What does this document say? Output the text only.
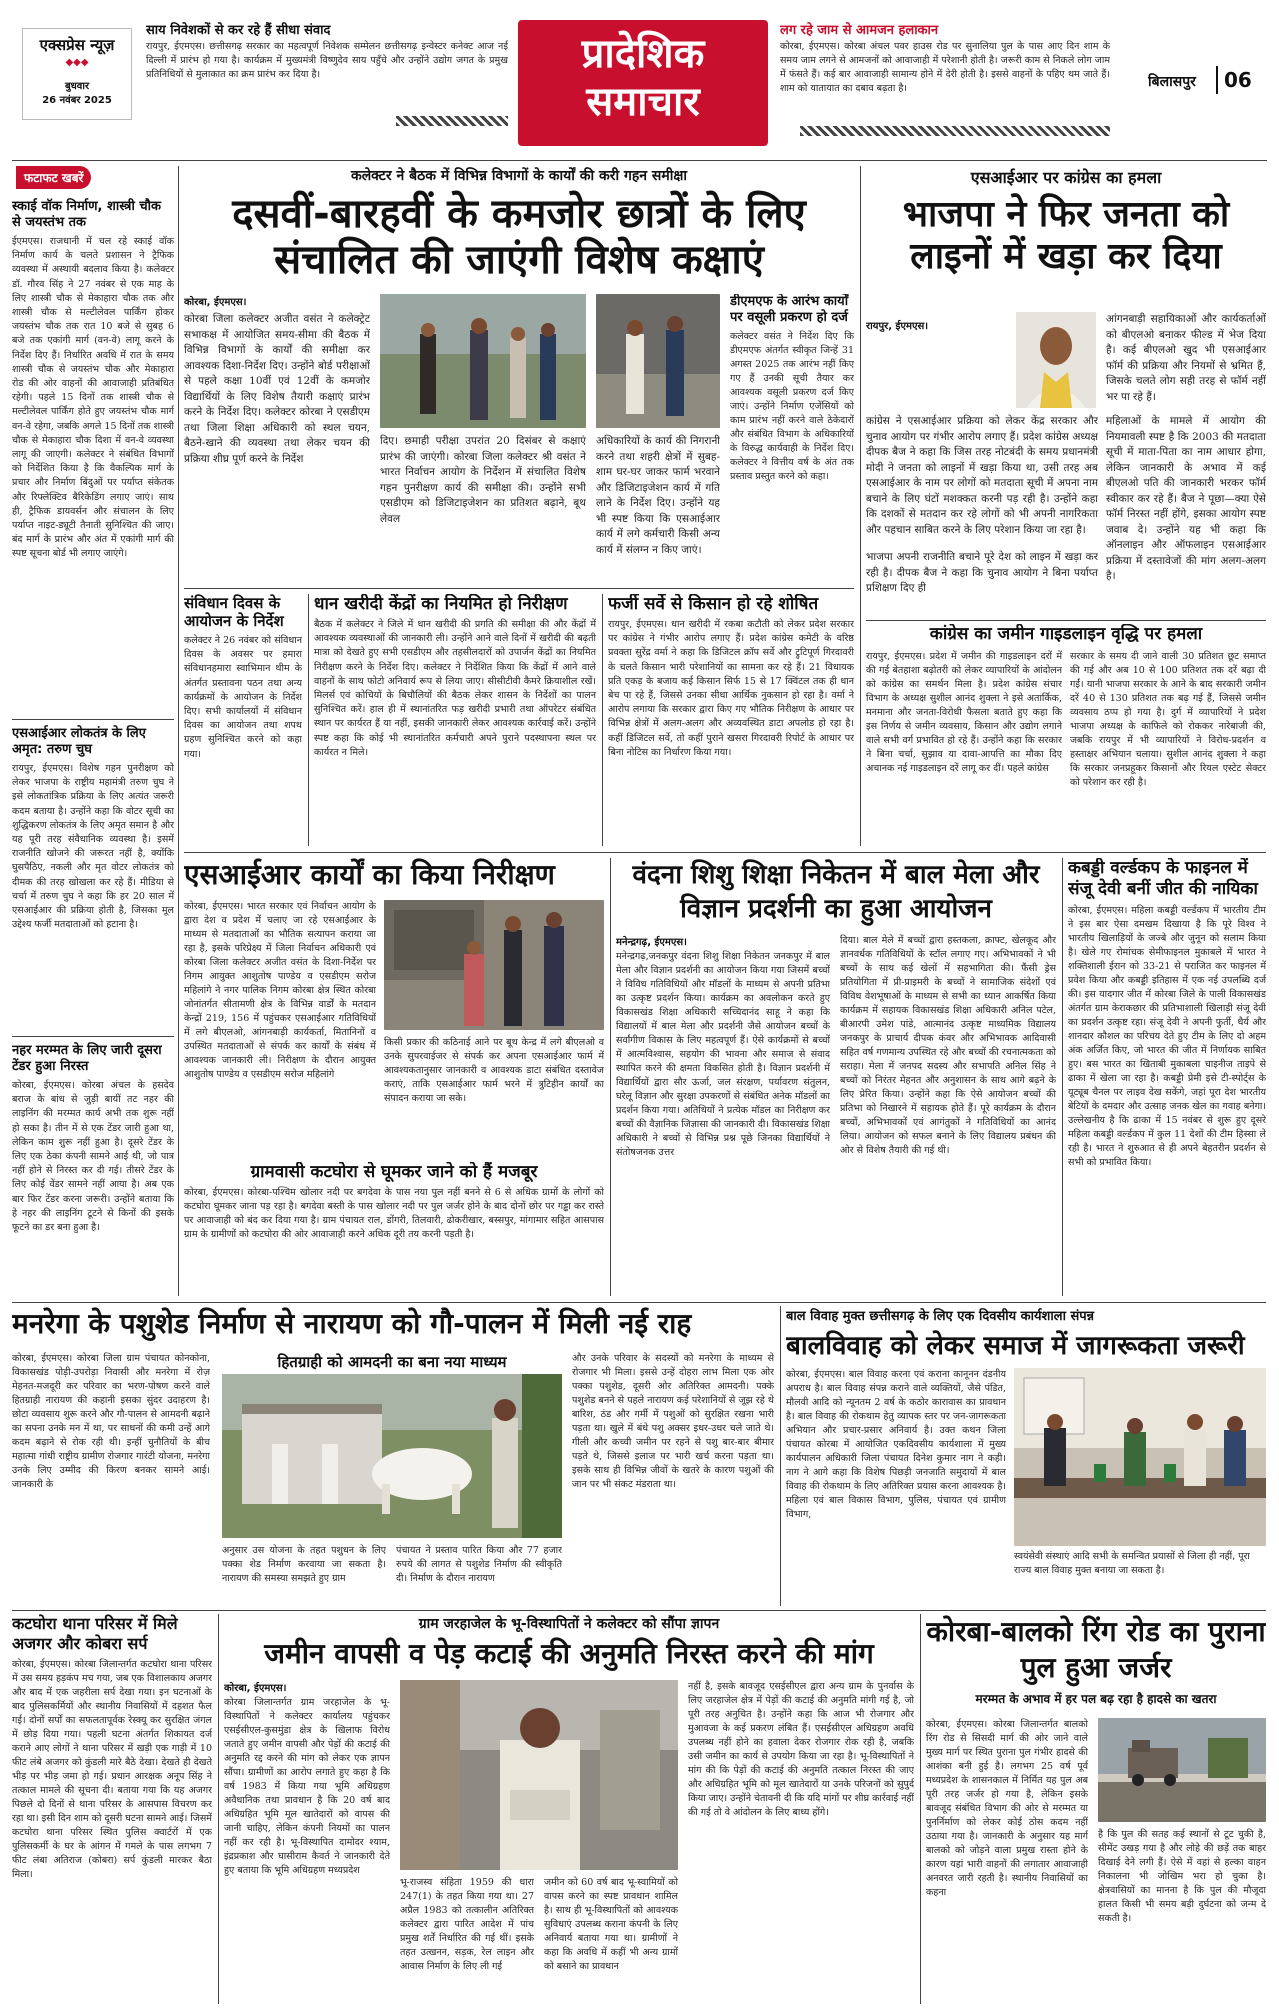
एक्सप्रेस न्यूज़
◆◆◆
बुधवार
26 नवंबर 2025
साय निवेशकों से कर रहे हैं सीधा संवाद
रायपुर, ईएमएस। छत्तीसगढ़ सरकार का महत्वपूर्ण निवेशक सम्मेलन छत्तीसगढ़ इन्वेस्टर कनेक्ट आज नई दिल्ली में प्रारंभ हो गया है। कार्यक्रम में मुख्यमंत्री विष्णुदेव साय पहुँचे और उन्होंने उद्योग जगत के प्रमुख प्रतिनिधियों से मुलाकात का क्रम प्रारंभ कर दिया है।	प्रादेशिक समाचार
लग रहे जाम से आमजन हलाकान
कोरबा, ईएमएस। कोरबा अंचल पवर हाउस रोड पर सुनालिया पुल के पास आए दिन शाम के समय जाम लगने से आमजनों को आवाजाही में परेशानी होती है। जरूरी काम से निकले लोग जाम में फंसते हैं। कई बार आवाजाही सामान्य होने में देरी होती है। इससे वाहनों के पहिए थम जाते हैं। शाम को यातायात का दबाव बढ़ता है।	बिलासपुर	06
फटाफट खबरें
स्काई वॉक निर्माण, शास्त्री चौक से जयस्तंभ तक
ईएमएस। राजधानी में चल रहे स्काई वॉक निर्माण कार्य के चलते प्रशासन ने ट्रैफिक व्यवस्था में अस्थायी बदलाव किया है। कलेक्टर डॉ. गौरव सिंह ने 27 नवंबर से एक माह के लिए शास्त्री चौक से मेकाहारा चौक तक और शास्त्री चौक से मल्टीलेवल पार्किंग होकर जयस्तंभ चौक तक रात 10 बजे से सुबह 6 बजे तक एकांगी मार्ग (वन-वे) लागू करने के निर्देश दिए हैं। निर्धारित अवधि में रात के समय शास्त्री चौक से जयस्तंभ चौक और मेकाहारा रोड की ओर वाहनों की आवाजाही प्रतिबंधित रहेगी। पहले 15 दिनों तक शास्त्री चौक से मल्टीलेवल पार्किंग होते हुए जयस्तंभ चौक मार्ग वन-वे रहेगा, जबकि अगले 15 दिनों तक शास्त्री चौक से मेकाहारा चौक दिशा में वन-वे व्यवस्था लागू की जाएगी। कलेक्टर ने संबंधित विभागों को निर्देशित किया है कि वैकल्पिक मार्ग के प्रचार और निर्माण बिंदुओं पर पर्याप्त संकेतक और रिफ्लेक्टिव बैरिकेडिंग लगाए जाएं। साथ ही, ट्रैफिक डायवर्सन और संचालन के लिए पर्याप्त नाइट-ड्यूटी तैनाती सुनिश्चित की जाए। बंद मार्ग के प्रारंभ और अंत में एकांगी मार्ग की स्पष्ट सूचना बोर्ड भी लगाए जाएंगे।
एसआईआर लोकतंत्र के लिए अमृत: तरुण चुघ
रायपुर, ईएमएस। विशेष गहन पुनरीक्षण को लेकर भाजपा के राष्ट्रीय महामंत्री तरुण चुघ ने इसे लोकतांत्रिक प्रक्रिया के लिए अत्यंत जरूरी कदम बताया है। उन्होंने कहा कि वोटर सूची का शुद्धिकरण लोकतंत्र के लिए अमृत समान है और यह पूरी तरह संवैधानिक व्यवस्था है। इसमें राजनीति खोजने की जरूरत नहीं है, क्योंकि घुसपैठिए, नकली और मृत वोटर लोकतंत्र को दीमक की तरह खोखला कर रहे हैं। मीडिया से चर्चा में तरुण चुघ ने कहा कि हर 20 साल में एसआईआर की प्रक्रिया होती है, जिसका मूल उद्देश्य फर्जी मतदाताओं को हटाना है।
नहर मरम्मत के लिए जारी दूसरा टेंडर हुआ निरस्त
कोरबा, ईएमएस। कोरबा अंचल के हसदेव बराज के बांध से जुड़ी बायीं तट नहर की लाइनिंग की मरम्मत कार्य अभी तक शुरू नहीं हो सका है। तीन में से एक टेंडर जारी हुआ था, लेकिन काम शुरू नहीं हुआ है। दूसरे टेंडर के लिए एक ठेका कंपनी सामने आई थी, जो पात्र नहीं होने से निरस्त कर दी गई। तीसरे टेंडर के लिए कोई वेंडर सामने नहीं आया है। अब एक बार फिर टेंडर करना जरूरी। उन्होंने बताया कि हे नहर की लाइनिंग टूटने से किनों की इसके फूटने का डर बना हुआ है।
कलेक्टर ने बैठक में विभिन्न विभागों के कार्यों की करी गहन समीक्षा
दसवीं-बारहवीं के कमजोर छात्रों के लिए संचालित की जाएंगी विशेष कक्षाएं
कोरबा, ईएमएस।
कोरबा जिला कलेक्टर अजीत वसंत ने कलेक्ट्रेट सभाकक्ष में आयोजित समय-सीमा की बैठक में विभिन्न विभागों के कार्यों की समीक्षा कर आवश्यक दिशा-निर्देश दिए। उन्होंने बोर्ड परीक्षाओं से पहले कक्षा 10वीं एवं 12वीं के कमजोर विद्यार्थियों के लिए विशेष तैयारी कक्षाएं प्रारंभ करने के निर्देश दिए। कलेक्टर कोरबा ने एसडीएम तथा जिला शिक्षा अधिकारी को स्थल चयन, बैठने-खाने की व्यवस्था तथा लेकर चयन की प्रक्रिया शीघ्र पूर्ण करने के निर्देश
दिए। छमाही परीक्षा उपरांत 20 दिसंबर से कक्षाएं प्रारंभ की जाएंगी। कोरबा जिला कलेक्टर श्री वसंत ने भारत निर्वाचन आयोग के निर्देशन में संचालित विशेष गहन पुनरीक्षण कार्य की समीक्षा की। उन्होंने सभी एसडीएम को डिजिटाइजेशन का प्रतिशत बढ़ाने, बूथ लेवल
अधिकारियों के कार्य की निगरानी करने तथा शहरी क्षेत्रों में सुबह-शाम घर-घर जाकर फार्म भरवाने और डिजिटाइजेशन कार्य में गति लाने के निर्देश दिए। उन्होंने यह भी स्पष्ट किया कि एसआईआर कार्य में लगे कर्मचारी किसी अन्य कार्य में संलग्न न किए जाएं।
डीएमएफ के आरंभ कार्यों पर वसूली प्रकरण हो दर्ज
कलेक्टर वसंत ने निर्देश दिए कि डीएमएफ अंतर्गत स्वीकृत जिन्हें 31 अगस्त 2025 तक आरंभ नहीं किए गए हैं उनकी सूची तैयार कर आवश्यक वसूली प्रकरण दर्ज किए जाएं। उन्होंने निर्माण एजेंसियों को काम प्रारंभ नहीं करने वाले ठेकेदारों और संबंधित विभाग के अधिकारियों के विरुद्ध कार्यवाही के निर्देश दिए। कलेक्टर ने वित्तीय वर्ष के अंत तक प्रस्ताव प्रस्तुत करने को कहा।
संविधान दिवस के आयोजन के निर्देश
कलेक्टर ने 26 नवंबर को संविधान दिवस के अवसर पर हमारा संविधानहमारा स्वाभिमान थीम के अंतर्गत प्रस्तावना पठन तथा अन्य कार्यक्रमों के आयोजन के निर्देश दिए। सभी कार्यालयों में संविधान दिवस का आयोजन तथा शपथ ग्रहण सुनिश्चित करने को कहा गया।
धान खरीदी केंद्रों का नियमित हो निरीक्षण
बैठक में कलेक्टर ने जिले में धान खरीदी की प्रगति की समीक्षा की और केंद्रों में आवश्यक व्यवस्थाओं की जानकारी ली। उन्होंने आने वाले दिनों में खरीदी की बढ़ती मात्रा को देखते हुए सभी एसडीएम और तहसीलदारों को उपार्जन केंद्रों का नियमित निरीक्षण करने के निर्देश दिए। कलेक्टर ने निर्देशित किया कि केंद्रों में आने वाले वाहनों के साथ फोटो अनिवार्य रूप से लिया जाए। सीसीटीवी कैमरे क्रियाशील रखें। मिलर्स एवं कोचियों के बिचौलियों की बैठक लेकर शासन के निर्देशों का पालन सुनिश्चित करें। हाल ही में स्थानांतरित फड़ खरीदी प्रभारी तथा ऑपरेटर संबंधित स्थान पर कार्यरत हैं या नहीं, इसकी जानकारी लेकर आवश्यक कार्रवाई करें। उन्होंने स्पष्ट कहा कि कोई भी स्थानांतरित कर्मचारी अपने पुराने पदस्थापना स्थल पर कार्यरत न मिले।
फर्जी सर्वे से किसान हो रहे शोषित
रायपुर, ईएमएस। धान खरीदी में रकबा कटौती को लेकर प्रदेश सरकार पर कांग्रेस ने गंभीर आरोप लगाए हैं। प्रदेश कांग्रेस कमेटी के वरिष्ठ प्रवक्ता सुरेंद्र वर्मा ने कहा कि डिजिटल क्रॉप सर्वे और ट्रुटिपूर्ण गिरदावरी के चलते किसान भारी परेशानियों का सामना कर रहे हैं। 21 विधायक प्रति एकड़ के बजाय कई किसान सिर्फ 15 से 17 क्विंटल तक ही धान बेच पा रहे हैं, जिससे उनका सीधा आर्थिक नुकसान हो रहा है। वर्मा ने आरोप लगाया कि सरकार द्वारा किए गए भौतिक निरीक्षण के आधार पर विभिन्न क्षेत्रों में अलग-अलग और अव्यवस्थित डाटा अपलोड हो रहा है। कहीं डिजिटल सर्वे, तो कहीं पुराने खसरा गिरदावरी रिपोर्ट के आधार पर बिना नोटिस का निर्धारण किया गया।
एसआईआर पर कांग्रेस का हमला
भाजपा ने फिर जनता को लाइनों में खड़ा कर दिया
रायपुर, ईएमएस।
कांग्रेस ने एसआईआर प्रक्रिया को लेकर केंद्र सरकार और चुनाव आयोग पर गंभीर आरोप लगाए हैं। प्रदेश कांग्रेस अध्यक्ष दीपक बैज ने कहा कि जिस तरह नोटबंदी के समय प्रधानमंत्री मोदी ने जनता को लाइनों में खड़ा किया था, उसी तरह अब एसआईआर के नाम पर लोगों को मतदाता सूची में अपना नाम बचाने के लिए घंटों मशक्कत करनी पड़ रही है। उन्होंने कहा कि दशकों से मतदान कर रहे लोगों को भी अपनी नागरिकता और पहचान साबित करने के लिए परेशान किया जा रहा है।
भाजपा अपनी राजनीति बचाने पूरे देश को लाइन में खड़ा कर रही है। दीपक बैज ने कहा कि चुनाव आयोग ने बिना पर्याप्त प्रशिक्षण दिए ही
आंगनबाड़ी सहायिकाओं और कार्यकर्ताओं को बीएलओ बनाकर फील्ड में भेज दिया है। कई बीएलओ खुद भी एसआईआर फॉर्म की प्रक्रिया और नियमों से भ्रमित हैं, जिसके चलते लोग सही तरह से फॉर्म नहीं भर पा रहे हैं।
महिलाओं के मामले में आयोग की नियमावली स्पष्ट है कि 2003 की मतदाता सूची में माता-पिता का नाम आधार होगा, लेकिन जानकारी के अभाव में कई बीएलओ पति की जानकारी भरकर फॉर्म स्वीकार कर रहे हैं। बैज ने पूछा—क्या ऐसे फॉर्म निरस्त नहीं होंगे, इसका आयोग स्पष्ट जवाब दे। उन्होंने यह भी कहा कि ऑनलाइन और ऑफलाइन एसआईआर प्रक्रिया में दस्तावेजों की मांग अलग-अलग है।
कांग्रेस का जमीन गाइडलाइन वृद्धि पर हमला
रायपुर, ईएमएस। प्रदेश में जमीन की गाइडलाइन दरों में की गई बेतहाशा बढ़ोतरी को लेकर व्यापारियों के आंदोलन को कांग्रेस का समर्थन मिला है। प्रदेश कांग्रेस संचार विभाग के अध्यक्ष सुशील आनंद शुक्ला ने इसे अतार्किक, मनमाना और जनता-विरोधी फैसला बताते हुए कहा कि इस निर्णय से जमीन व्यवसाय, किसान और उद्योग लगाने वाले सभी वर्ग प्रभावित हो रहे हैं। उन्होंने कहा कि सरकार ने बिना चर्चा, सुझाव या दावा-आपत्ति का मौका दिए अचानक नई गाइडलाइन दरें लागू कर दीं। पहले कांग्रेस
सरकार के समय दी जाने वाली 30 प्रतिशत छूट समाप्त की गई और अब 10 से 100 प्रतिशत तक दरें बढ़ा दी गईं। यानी भाजपा सरकार के आने के बाद सरकारी जमीन दरें 40 से 130 प्रतिशत तक बढ़ गई हैं, जिससे जमीन व्यवसाय ठप्प हो गया है। दुर्ग में व्यापारियों ने प्रदेश भाजपा अध्यक्ष के काफिले को रोककर नारेबाजी की, जबकि रायपुर में भी व्यापारियों ने विरोध-प्रदर्शन व हस्ताक्षर अभियान चलाया। सुशील आनंद शुक्ला ने कहा कि सरकार जनप्रहूकर किसानों और रियल एस्टेट सेक्टर को परेशान कर रही है।
एसआईआर कार्यों का किया निरीक्षण
कोरबा, ईएमएस। भारत सरकार एवं निर्वाचन आयोग के द्वारा देश व प्रदेश में चलाए जा रहे एसआईआर के माध्यम से मतदाताओं का भौतिक सत्यापन कराया जा रहा है, इसके परिप्रेक्ष्य में जिला निर्वाचन अधिकारी एवं कोरबा जिला कलेक्टर अजीत वसंत के दिशा-निर्देश पर निगम आयुक्त आशुतोष पाण्डेय व एसडीएम सरोज महिलांगे ने नगर पालिक निगम कोरबा क्षेत्र स्थित कोरबा जोनांतर्गत सीतामणी क्षेत्र के विभिन्न वार्डों के मतदान केन्द्रों 219, 156 में पहुंचकर एसआईआर गतिविधियों में लगे बीएलओ, आंगनबाड़ी कार्यकर्ता, मितानिनों व उपस्थित मतदाताओं से संपर्क कर कार्यों के संबंध में आवश्यक जानकारी ली। निरीक्षण के दौरान आयुक्त आशुतोष पाण्डेय व एसडीएम सरोज महिलांगे
किसी प्रकार की कठिनाई आने पर बूथ केन्द्र में लगे बीएलओ व उनके सुपरवाईजर से संपर्क कर अपना एसआईआर फार्म में आवश्यकतानुसार जानकारी व आवश्यक डाटा संबंधित दस्तावेज कराएं, ताकि एसआईआर फार्म भरने में त्रुटिहीन कार्यों का संपादन कराया जा सके।
ग्रामवासी कटघोरा से घूमकर जाने को हैं मजबूर
कोरबा, ईएमएस। कोरबा-पश्चिम खोलार नदी पर बगदेवा के पास नया पुल नहीं बनने से 6 से अधिक ग्रामों के लोगों को कटघोरा घूमकर जाना पड़ रहा है। बगदेवा बस्ती के पास खोलार नदी पर पुल जर्जर होने के बाद दोनों छोर पर गड्ढा कर रास्ते पर आवाजाही को बंद कर दिया गया है। ग्राम पंचायत राल, डोंगरी, तिलवारी, ढोकरीखार, बस्सपुर, मांगामार सहित आसपास ग्राम के ग्रामीणों को कटघोरा की ओर आवाजाही करने अधिक दूरी तय करनी पड़ती है।
वंदना शिशु शिक्षा निकेतन में बाल मेला और विज्ञान प्रदर्शनी का हुआ आयोजन
मनेन्द्रगढ़, ईएमएस।
मनेन्द्रगढ़,जनकपुर वंदना शिशु शिक्षा निकेतन जनकपुर में बाल मेला और विज्ञान प्रदर्शनी का आयोजन किया गया जिसमें बच्चों ने विविध गतिविधियों और मॉडलों के माध्यम से अपनी प्रतिभा का उत्कृष्ट प्रदर्शन किया। कार्यक्रम का अवलोकन करते हुए विकासखंड शिक्षा अधिकारी सच्चिदानंद साहू ने कहा कि विद्यालयों में बाल मेला और प्रदर्शनी जैसे आयोजन बच्चों के सर्वांगीण विकास के लिए महत्वपूर्ण हैं। ऐसे कार्यक्रमों से बच्चों में आत्मविश्वास, सहयोग की भावना और समाज से संवाद स्थापित करने की क्षमता विकसित होती है। विज्ञान प्रदर्शनी में विद्यार्थियों द्वारा सौर ऊर्जा, जल संरक्षण, पर्यावरण संतुलन, घरेलू विज्ञान और सुरक्षा उपकरणों से संबंधित अनेक मॉडलों का प्रदर्शन किया गया। अतिथियों ने प्रत्येक मॉडल का निरीक्षण कर बच्चों की वैज्ञानिक जिज्ञासा की जानकारी दी। विकासखंड शिक्षा अधिकारी ने बच्चों से विभिन्न प्रश्न पूछे जिनका विद्यार्थियों ने संतोषजनक उत्तर
दिया। बाल मेले में बच्चों द्वारा हस्तकला, क्राफ्ट, खेलकूद और ज्ञानवर्धक गतिविधियों के स्टॉल लगाए गए। अभिभावकों ने भी बच्चों के साथ कई खेलों में सहभागिता की। फैंसी ड्रेस प्रतियोगिता में प्री-प्राइमरी के बच्चों ने सामाजिक संदेशों एवं विविध वेशभूषाओं के माध्यम से सभी का ध्यान आकर्षित किया कार्यक्रम में सहायक विकासखंड शिक्षा अधिकारी अनिल पटेल, बीआरपी उमेश पांडे, आत्मानंद उत्कृष्ट माध्यमिक विद्यालय जनकपुर के प्राचार्य दीपक कंवर और अभिभावक आदिवासी सहित वर्ष गणमान्य उपस्थित रहे और बच्चों की रचनात्मकता को सराहा। मेला में जनपद सदस्य और सभापति अनिल सिंह ने बच्चों को निरंतर मेहनत और अनुशासन के साथ आगे बढ़ने के लिए प्रेरित किया। उन्होंने कहा कि ऐसे आयोजन बच्चों की प्रतिभा को निखारने में सहायक होते हैं। पूरे कार्यक्रम के दौरान बच्चों, अभिभावकों एवं आगंतुकों ने गतिविधियों का आनंद लिया। आयोजन को सफल बनाने के लिए विद्यालय प्रबंधन की ओर से विशेष तैयारी की गई थी।
कबड्डी वर्ल्डकप के फाइनल में संजू देवी बनीं जीत की नायिका
कोरबा, ईएमएस। महिला कबड्डी वर्ल्डकप में भारतीय टीम ने इस बार ऐसा दमखम दिखाया है कि पूरे विश्व ने भारतीय खिलाड़ियों के जज्बे और जुनून को सलाम किया है। खेले गए रोमांचक सेमीफाइनल मुकाबले में भारत ने शक्तिशाली ईरान को 33-21 से पराजित कर फाइनल में प्रवेश किया और कबड्डी इतिहास में एक नई उपलब्धि दर्ज की। इस यादगार जीत में कोरबा जिले के पाली विकासखंड अंतर्गत ग्राम केराकछार की प्रतिभाशाली खिलाड़ी संजू देवी का प्रदर्शन उत्कृष्ट रहा। संजू देवी ने अपनी फुर्ती, धैर्य और शानदार कौशल का परिचय देते हुए टीम के लिए दो अहम अंक अर्जित किए, जो भारत की जीत में निर्णायक साबित हुए। बस भारत का खिताबी मुकाबला चाइनीज ताइपे से ढाका में खेला जा रहा है। कबड्डी प्रेमी इसे टी-स्पोर्ट्स के यूट्यूब चैनल पर लाइव देख सकेंगे, जहां पूरा देश भारतीय बेटियों के दमदार और उत्साह जनक खेल का गवाह बनेगा। उल्लेखनीय है कि ढाका में 15 नवंबर से शुरू हुए दूसरे महिला कबड्डी वर्ल्डकप में कुल 11 देशों की टीम हिस्सा ले रही है। भारत ने शुरुआत से ही अपने बेहतरीन प्रदर्शन से सभी को प्रभावित किया।
मनरेगा के पशुशेड निर्माण से नारायण को गौ-पालन में मिली नई राह
कोरबा, ईएमएस। कोरबा जिला ग्राम पंचायत कोनकोना, विकासखंड पोड़ी-उपरोड़ा निवासी और मनरेगा में रोज़ मेहनत-मजदूरी कर परिवार का भरण-पोषण करने वाले हितग्राही नारायण की कहानी इसका सुंदर उदाहरण है। छोटा व्यवसाय शुरू करने और गौ-पालन से आमदनी बढ़ाने का सपना उनके मन में था, पर साधनों की कमी उन्हें आगे कदम बढ़ाने से रोक रही थी। इन्हीं चुनौतियों के बीच महात्मा गांधी राष्ट्रीय ग्रामीण रोजगार गारंटी योजना, मनरेगा उनके लिए उम्मीद की किरण बनकर सामने आई। जानकारी के
हितग्राही को आमदनी का बना नया माध्यम
अनुसार उस योजना के तहत पशुधन के लिए पक्का शेड निर्माण करवाया जा सकता है। नारायण की समस्या समझते हुए ग्राम
पंचायत ने प्रस्ताव पारित किया और 77 हजार रुपये की लागत से पशुशेड निर्माण की स्वीकृति दी। निर्माण के दौरान नारायण
और उनके परिवार के सदस्यों को मनरेगा के माध्यम से रोजगार भी मिला। इससे उन्हें दोहरा लाभ मिला एक ओर पक्का पशुशेड, दूसरी ओर अतिरिक्त आमदनी। पक्के पशुशेड बनने से पहले नारायण कई परेशानियों से जूझ रहे थे बारिश, ठंड और गर्मी में पशुओं को सुरक्षित रखना भारी पड़ता था। खुले में बंधे पशु अक्सर इधर-उधर चले जाते थे। गीली और कच्ची जमीन पर रहने से पशु बार-बार बीमार पड़ते थे, जिससे इलाज पर भारी खर्च करना पड़ता था। इसके साथ ही विभिन्न जीवों के खतरे के कारण पशुओं की जान पर भी संकट मंडराता था।
बाल विवाह मुक्त छत्तीसगढ़ के लिए एक दिवसीय कार्यशाला संपन्न
बालविवाह को लेकर समाज में जागरूकता जरूरी
कोरबा, ईएमएस। बाल विवाह करना एवं कराना कानूनन दंडनीय अपराध है। बाल विवाह संपन्न कराने वाले व्यक्तियों, जैसे पंडित, मौलवी आदि को न्यूनतम 2 वर्ष के कठोर कारावास का प्रावधान है। बाल विवाह की रोकथाम हेतु व्यापक स्तर पर जन-जागरूकता अभियान और प्रचार-प्रसार अनिवार्य है। उक्त कथन जिला पंचायत कोरबा में आयोजित एकदिवसीय कार्यशाला में मुख्य कार्यपालन अधिकारी जिला पंचायत दिनेश कुमार नाग ने कही। नाग ने आगे कहा कि विशेष पिछड़ी जनजाति समुदायों में बाल विवाह की रोकथाम के लिए अतिरिक्त प्रयास करना आवश्यक है। महिला एवं बाल विकास विभाग, पुलिस, पंचायत एवं ग्रामीण विभाग,
स्वयंसेवी संस्थाएं आदि सभी के समन्वित प्रयासों से जिला ही नहीं, पूरा राज्य बाल विवाह मुक्त बनाया जा सकता है।
कटघोरा थाना परिसर में मिले अजगर और कोबरा सर्प
कोरबा, ईएमएस। कोरबा जिलान्तर्गत कटघोरा थाना परिसर में उस समय हड़कंप मच गया, जब एक विशालकाय अजगर और बाद में एक जहरीला सर्प देखा गया। इन घटनाओं के बाद पुलिसकर्मियों और स्थानीय निवासियों में दहशत फैल गई। दोनों सर्पों का सफलतापूर्वक रेस्क्यू कर सुरक्षित जंगल में छोड़ दिया गया। पहली घटना अंतर्गत शिकायत दर्ज कराने आए लोगों ने थाना परिसर में खड़ी एक गाड़ी में 10 फीट लंबे अजगर को कुंडली मारे बैठे देखा। देखते ही देखते भीड़ पर भीड़ जमा हो गई। प्रधान आरक्षक अनूप सिंह ने तत्काल मामले की सूचना दी। बताया गया कि यह अजगर पिछले दो दिनों से थाना परिसर के आसपास विचरण कर रहा था। इसी दिन शाम को दूसरी घटना सामने आई। जिसमें कटघोरा थाना परिसर स्थित पुलिस क्वार्टरों में एक पुलिसकर्मी के घर के आंगन में गमले के पास लगभग 7 फीट लंबा अतिराज (कोबरा) सर्प कुंडली मारकर बैठा मिला।
ग्राम जरहाजेल के भू-विस्थापितों ने कलेक्टर को सौंपा ज्ञापन
जमीन वापसी व पेड़ कटाई की अनुमति निरस्त करने की मांग
कोरबा, ईएमएस।
कोरबा जिलान्तर्गत ग्राम जरहाजेल के भू-विस्थापितों ने कलेक्टर कार्यालय पहुंचकर एसईसीएल-कुसमुंडा क्षेत्र के खिलाफ विरोध जताते हुए जमीन वापसी और पेड़ों की कटाई की अनुमति रद्द करने की मांग को लेकर एक ज्ञापन सौंपा। ग्रामीणों का आरोप लगाते हुए कहा है कि वर्ष 1983 में किया गया भूमि अधिग्रहण अवैधानिक तथा प्रावधान है कि 20 वर्ष बाद अधिग्रहित भूमि मूल खातेदारों को वापस की जानी चाहिए, लेकिन कंपनी नियमों का पालन नहीं कर रही है। भू-विस्थापित दामोदर श्याम, इंद्रप्रकाश और घासीराम कैवर्त ने जानकारी देते हुए बताया कि भूमि अधिग्रहण मध्यप्रदेश
भू-राजस्व संहिता 1959 की धारा 247(1) के तहत किया गया था। 27 अप्रैल 1983 को तत्कालीन अतिरिक्त कलेक्टर द्वारा पारित आदेश में पांच प्रमुख शर्तें निर्धारित की गई थीं। इसके तहत उत्खनन, सड़क, रेल लाइन और आवास निर्माण के लिए ली गई
जमीन को 60 वर्ष बाद भू-स्वामियों को वापस करने का स्पष्ट प्रावधान शामिल है। साथ ही भू-विस्थापितों को आवश्यक सुविधाएं उपलब्ध कराना कंपनी के लिए अनिवार्य बताया गया था। ग्रामीणों ने कहा कि अवधि में कहीं भी अन्य ग्रामों को बसाने का प्रावधान
नहीं है, इसके बावजूद एसईसीएल द्वारा अन्य ग्राम के पुनर्वास के लिए जरहाजेल क्षेत्र में पेड़ों की कटाई की अनुमति मांगी गई है, जो पूरी तरह अनुचित है। उन्होंने कहा कि आज भी रोजगार और मुआवजा के कई प्रकरण लंबित हैं। एसईसीएल अधिग्रहण अवधि उपलब्ध नहीं होने का हवाला देकर रोजगार रोक रही है, जबकि उसी जमीन का कार्य से उपयोग किया जा रहा है। भू-विस्थापितों ने मांग की कि पेड़ों की कटाई की अनुमति तत्काल निरस्त की जाए और अधिग्रहित भूमि को मूल खातेदारों या उनके परिजनों को सुपुर्द किया जाए। उन्होंने चेतावनी दी कि यदि मांगों पर शीघ्र कार्रवाई नहीं की गई तो वे आंदोलन के लिए बाध्य होंगे।
कोरबा-बालको रिंग रोड का पुराना पुल हुआ जर्जर
मरम्मत के अभाव में हर पल बढ़ रहा है हादसे का खतरा
कोरबा, ईएमएस। कोरबा जिलान्तर्गत बालको रिंग रोड से सिसदी मार्ग की ओर जाने वाले मुख्य मार्ग पर स्थित पुराना पुल गंभीर हादसे की आशंका बनी हुई है। लगभग 25 वर्ष पूर्व मध्यप्रदेश के शासनकाल में निर्मित यह पुल अब पूरी तरह जर्जर हो गया है, लेकिन इसके बावजूद संबंधित विभाग की ओर से मरम्मत या पुनर्निर्माण को लेकर कोई ठोस कदम नहीं उठाया गया है। जानकारी के अनुसार यह मार्ग बालको को जोड़ने वाला प्रमुख रास्ता होने के कारण यहां भारी वाहनों की लगातार आवाजाही अनवरत जारी रहती है। स्थानीय निवासियों का कहना
है कि पुल की सतह कई स्थानों से टूट चुकी है, सीमेंट उखड़ गया है और लोहे की छड़ें तक बाहर दिखाई देने लगी हैं। ऐसे में वहां से हल्का वाहन निकालना भी जोखिम भरा हो चुका है। क्षेत्रवासियों का मानना है कि पुल की मौजूदा हालत किसी भी समय बड़ी दुर्घटना को जन्म दे सकती है।
